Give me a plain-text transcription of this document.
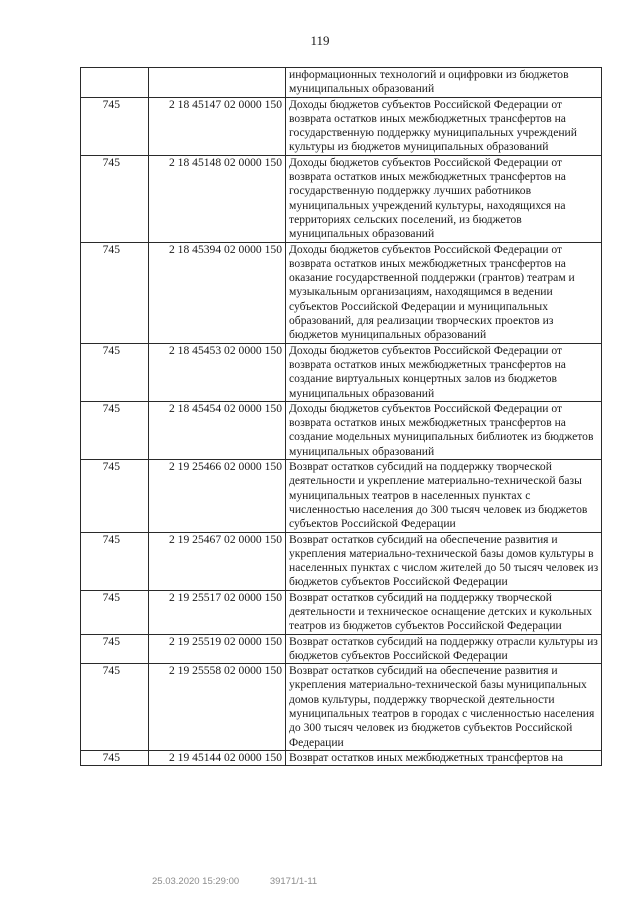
119
		информационных технологий и оцифровки из бюджетов муниципальных образований
745	2 18 45147 02 0000 150	Доходы бюджетов субъектов Российской Федерации от возврата остатков иных межбюджетных трансфертов на государственную поддержку муниципальных учреждений культуры из бюджетов муниципальных образований
745	2 18 45148 02 0000 150	Доходы бюджетов субъектов Российской Федерации от возврата остатков иных межбюджетных трансфертов на государственную поддержку лучших работников муниципальных учреждений культуры, находящихся на территориях сельских поселений, из бюджетов муниципальных образований
745	2 18 45394 02 0000 150	Доходы бюджетов субъектов Российской Федерации от возврата остатков иных межбюджетных трансфертов на оказание государственной поддержки (грантов) театрам и музыкальным организациям, находящимся в ведении субъектов Российской Федерации и муниципальных образований, для реализации творческих проектов из бюджетов муниципальных образований
745	2 18 45453 02 0000 150	Доходы бюджетов субъектов Российской Федерации от возврата остатков иных межбюджетных трансфертов на создание виртуальных концертных залов из бюджетов муниципальных образований
745	2 18 45454 02 0000 150	Доходы бюджетов субъектов Российской Федерации от возврата остатков иных межбюджетных трансфертов на создание модельных муниципальных библиотек из бюджетов муниципальных образований
745	2 19 25466 02 0000 150	Возврат остатков субсидий на поддержку творческой деятельности и укрепление материально-технической базы муниципальных театров в населенных пунктах с численностью населения до 300 тысяч человек из бюджетов субъектов Российской Федерации
745	2 19 25467 02 0000 150	Возврат остатков субсидий на обеспечение развития и укрепления материально-технической базы домов культуры в населенных пунктах с числом жителей до 50 тысяч человек из бюджетов субъектов Российской Федерации
745	2 19 25517 02 0000 150	Возврат остатков субсидий на поддержку творческой деятельности и техническое оснащение детских и кукольных театров из бюджетов субъектов Российской Федерации
745	2 19 25519 02 0000 150	Возврат остатков субсидий на поддержку отрасли культуры из бюджетов субъектов Российской Федерации
745	2 19 25558 02 0000 150	Возврат остатков субсидий на обеспечение развития и укрепления материально-технической базы муниципальных домов культуры, поддержку творческой деятельности муниципальных театров в городах с численностью населения до 300 тысяч человек из бюджетов субъектов Российской Федерации
745	2 19 45144 02 0000 150	Возврат остатков иных межбюджетных трансфертов на
25.03.2020 15:29:00	39171/1-11
